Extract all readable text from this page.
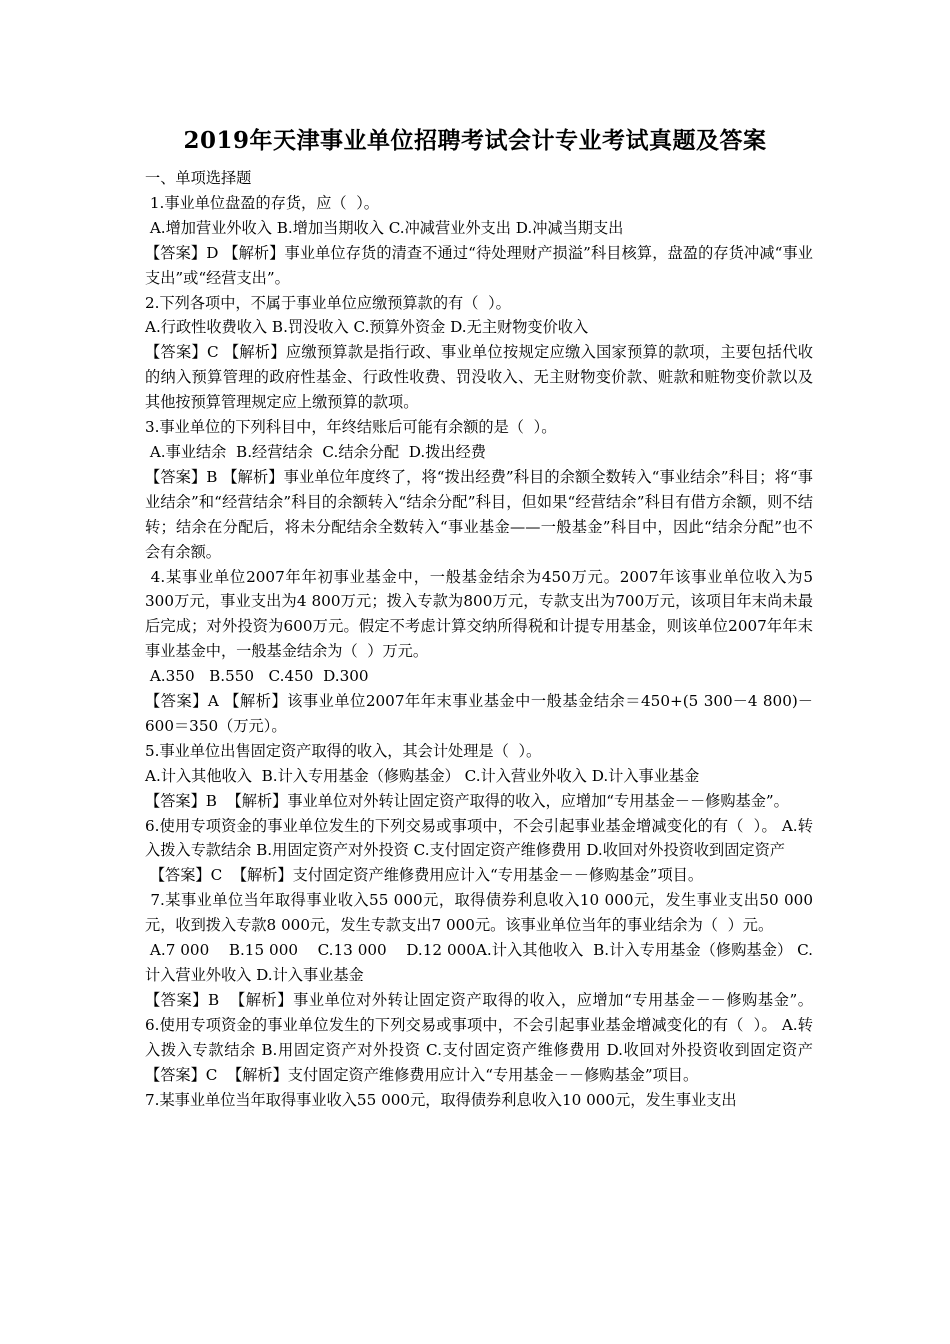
2019年天津事业单位招聘考试会计专业考试真题及答案

一、单项选择题

1.事业单位盘盈的存货，应（  ）。

A.增加营业外收入 B.增加当期收入 C.冲减营业外支出 D.冲减当期支出

【答案】D 【解析】事业单位存货的清查不通过“待处理财产损溢”科目核算，盘盈的存货冲减“事业支出”或“经营支出”。

2.下列各项中，不属于事业单位应缴预算款的有（  ）。

A.行政性收费收入 B.罚没收入 C.预算外资金 D.无主财物变价收入

【答案】C 【解析】应缴预算款是指行政、事业单位按规定应缴入国家预算的款项，主要包括代收的纳入预算管理的政府性基金、行政性收费、罚没收入、无主财物变价款、赃款和赃物变价款以及其他按预算管理规定应上缴预算的款项。

3.事业单位的下列科目中，年终结账后可能有余额的是（  ）。

A.事业结余  B.经营结余  C.结余分配  D.拨出经费

【答案】B 【解析】事业单位年度终了，将“拨出经费”科目的余额全数转入“事业结余”科目；将“事业结余”和“经营结余”科目的余额转入“结余分配”科目，但如果“经营结余”科目有借方余额，则不结转；结余在分配后，将未分配结余全数转入“事业基金——一般基金”科目中，因此“结余分配”也不会有余额。

4.某事业单位2007年年初事业基金中，一般基金结余为450万元。2007年该事业单位收入为5 300万元，事业支出为4 800万元；拨入专款为800万元，专款支出为700万元，该项目年末尚未最后完成；对外投资为600万元。假定不考虑计算交纳所得税和计提专用基金，则该单位2007年年末事业基金中，一般基金结余为（  ）万元。

A.350   B.550   C.450  D.300

【答案】A 【解析】该事业单位2007年年末事业基金中一般基金结余＝450+(5 300－4 800)－600＝350（万元）。

5.事业单位出售固定资产取得的收入，其会计处理是（  ）。

A.计入其他收入  B.计入专用基金（修购基金） C.计入营业外收入 D.计入事业基金

【答案】B  【解析】事业单位对外转让固定资产取得的收入，应增加“专用基金－－修购基金”。

6.使用专项资金的事业单位发生的下列交易或事项中，不会引起事业基金增减变化的有（  ）。 A.转入拨入专款结余 B.用固定资产对外投资 C.支付固定资产维修费用 D.收回对外投资收到固定资产

【答案】C  【解析】支付固定资产维修费用应计入“专用基金－－修购基金”项目。

7.某事业单位当年取得事业收入55 000元，取得债券利息收入10 000元，发生事业支出50 000元，收到拨入专款8 000元，发生专款支出7 000元。该事业单位当年的事业结余为（  ）元。

A.7 000    B.15 000    C.13 000    D.12 000A.计入其他收入  B.计入专用基金（修购基金） C.计入营业外收入 D.计入事业基金

【答案】B  【解析】事业单位对外转让固定资产取得的收入，应增加“专用基金－－修购基金”。    6.使用专项资金的事业单位发生的下列交易或事项中，不会引起事业基金增减变化的有（  ）。 A.转入拨入专款结余 B.用固定资产对外投资 C.支付固定资产维修费用 D.收回对外投资收到固定资产  【答案】C  【解析】支付固定资产维修费用应计入“专用基金－－修购基金”项目。

7.某事业单位当年取得事业收入55 000元，取得债券利息收入10 000元，发生事业支出
